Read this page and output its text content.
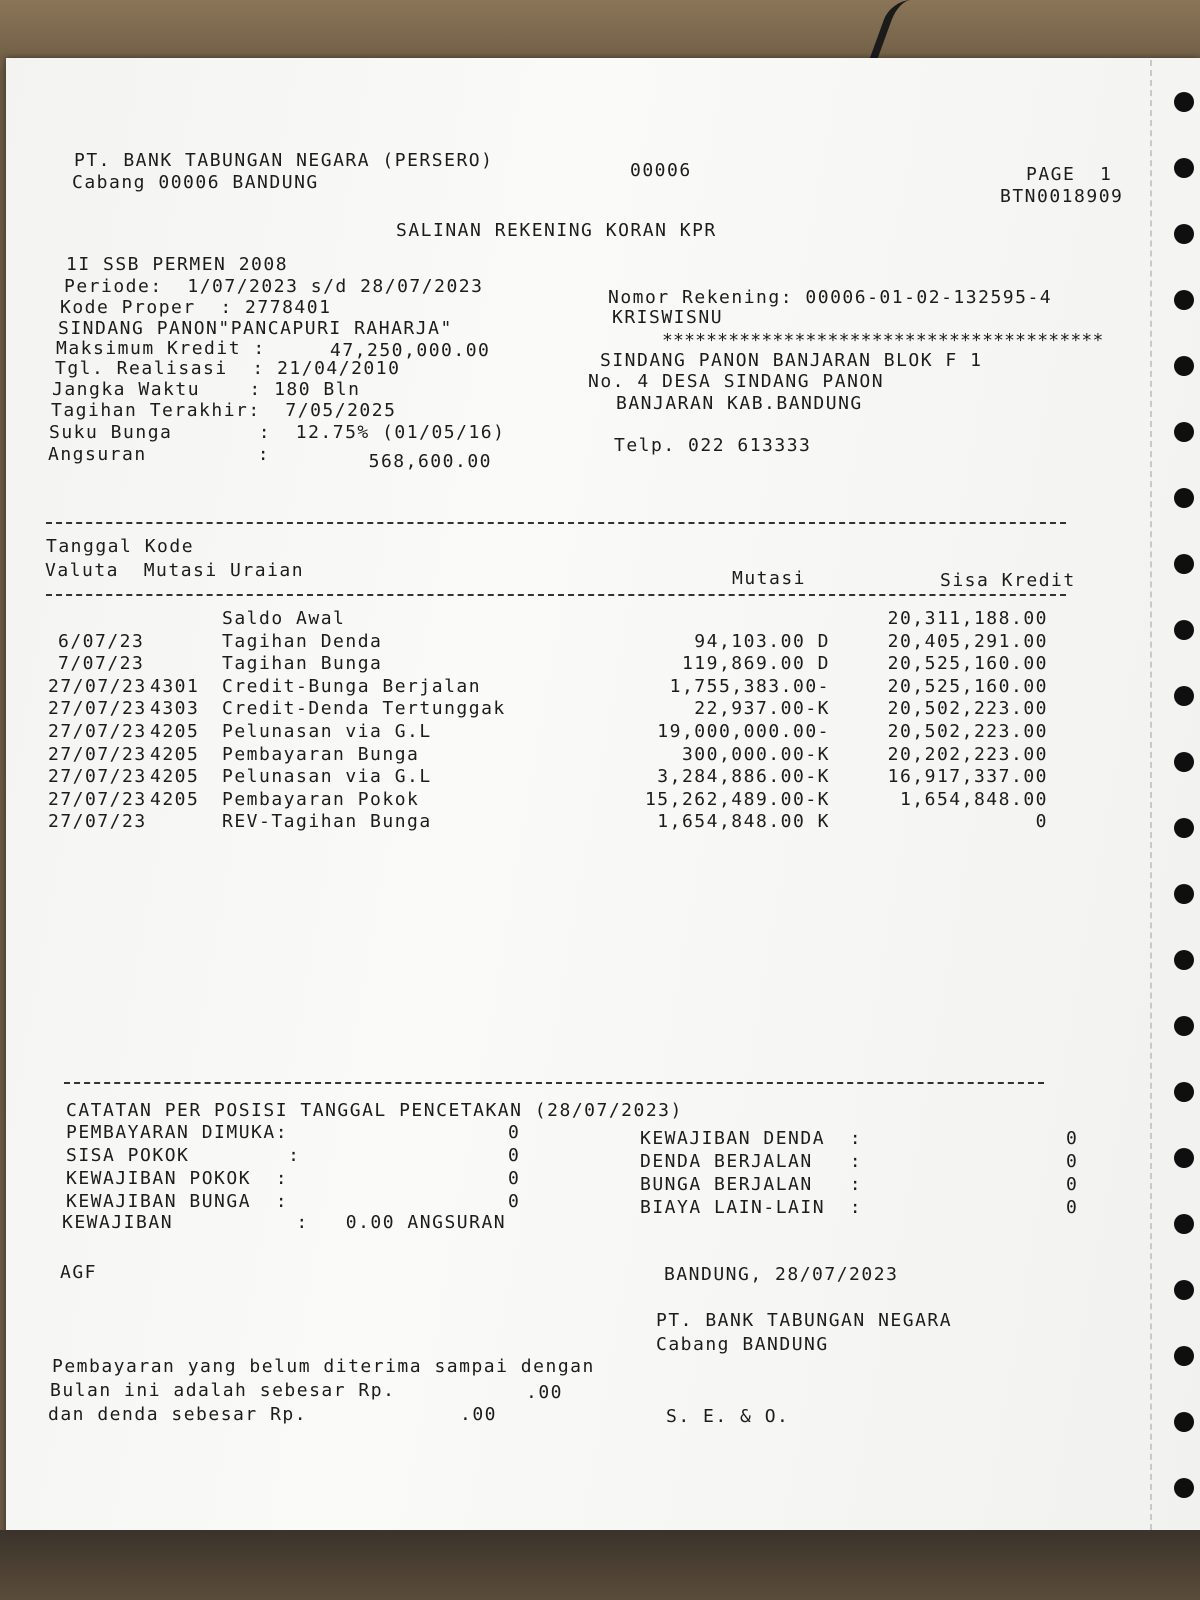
PT. BANK TABUNGAN NEGARA (PERSERO)
Cabang 00006 BANDUNG
00006	PAGE  1
BTN0018909
SALINAN REKENING KORAN KPR
1I SSB PERMEN 2008
Periode:  1/07/2023 s/d 28/07/2023
Kode Proper  : 2778401
SINDANG PANON"PANCAPURI RAHARJA"
Maksimum Kredit :	47,250,000.00
Tgl. Realisasi  : 21/04/2010
Jangka Waktu    : 180 Bln
Tagihan Terakhir:  7/05/2025
Suku Bunga       :  12.75% (01/05/16)
Angsuran         :	568,600.00
Nomor Rekening: 00006-01-02-132595-4
KRISWISNU
****************************************
SINDANG PANON BANJARAN BLOK F 1
No. 4 DESA SINDANG PANON
BANJARAN KAB.BANDUNG
Telp. 022 613333
Tanggal Kode
Valuta  Mutasi Uraian	Mutasi	Sisa Kredit
Saldo Awal	20,311,188.00
6/07/23	Tagihan Denda	94,103.00 D	20,405,291.00
7/07/23	Tagihan Bunga	119,869.00 D	20,525,160.00
27/07/23 4301 Credit-Bunga Berjalan	1,755,383.00-	20,525,160.00
27/07/23 4303 Credit-Denda Tertunggak	22,937.00-K	20,502,223.00
27/07/23 4205 Pelunasan via G.L	19,000,000.00-	20,502,223.00
27/07/23 4205 Pembayaran Bunga	300,000.00-K	20,202,223.00
27/07/23 4205 Pelunasan via G.L	3,284,886.00-K	16,917,337.00
27/07/23 4205 Pembayaran Pokok	15,262,489.00-K	1,654,848.00
27/07/23	REV-Tagihan Bunga	1,654,848.00 K	0
CATATAN PER POSISI TANGGAL PENCETAKAN (28/07/2023)
PEMBAYARAN DIMUKA:	0
SISA POKOK        :	0
KEWAJIBAN POKOK  :	0
KEWAJIBAN BUNGA  :	0
KEWAJIBAN DENDA  :	0
DENDA BERJALAN   :	0
BUNGA BERJALAN   :	0
BIAYA LAIN-LAIN  :	0
KEWAJIBAN          :   0.00 ANGSURAN
AGF	BANDUNG, 28/07/2023
PT. BANK TABUNGAN NEGARA
Cabang BANDUNG
Pembayaran yang belum diterima sampai dengan
Bulan ini adalah sebesar Rp.	.00
dan denda sebesar Rp.	.00	S. E. & O.
